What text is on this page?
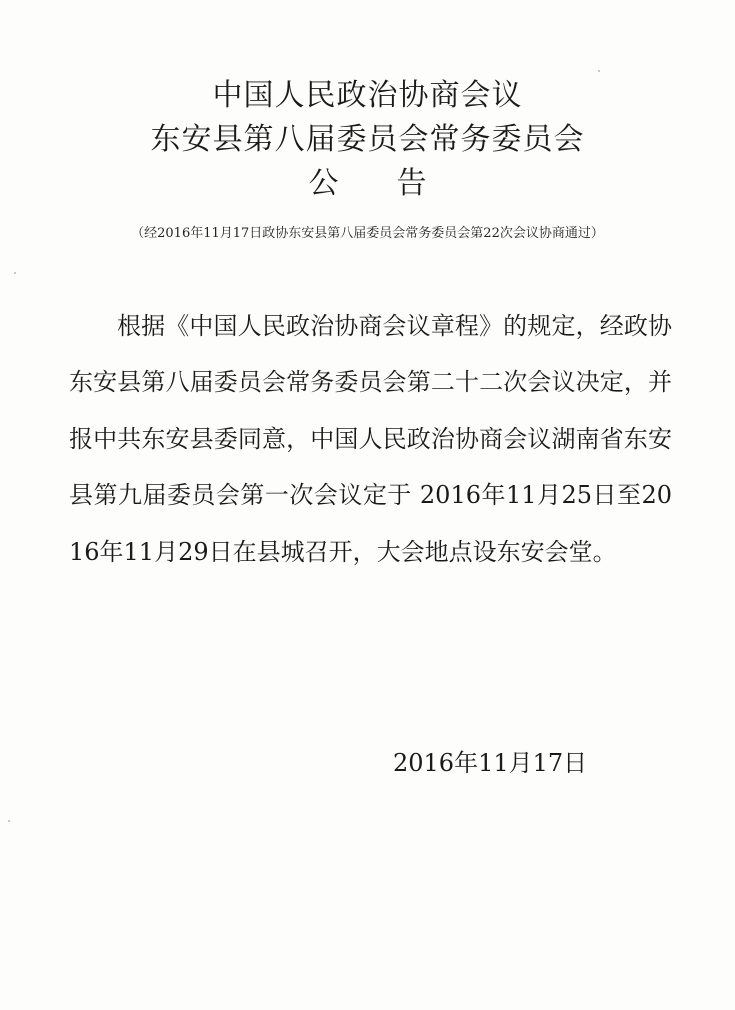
中国人民政治协商会议
东安县第八届委员会常务委员会
公 告
（经2016年11月17日政协东安县第八届委员会常务委员会第22次会议协商通过）
根据《中国人民政治协商会议章程》的规定，经政协东安县第八届委员会常务委员会第二十二次会议决定，并报中共东安县委同意，中国人民政治协商会议湖南省东安县第九届委员会第一次会议定于 2016年11月25日至2016年11月29日在县城召开，大会地点设东安会堂。
2016年11月17日
